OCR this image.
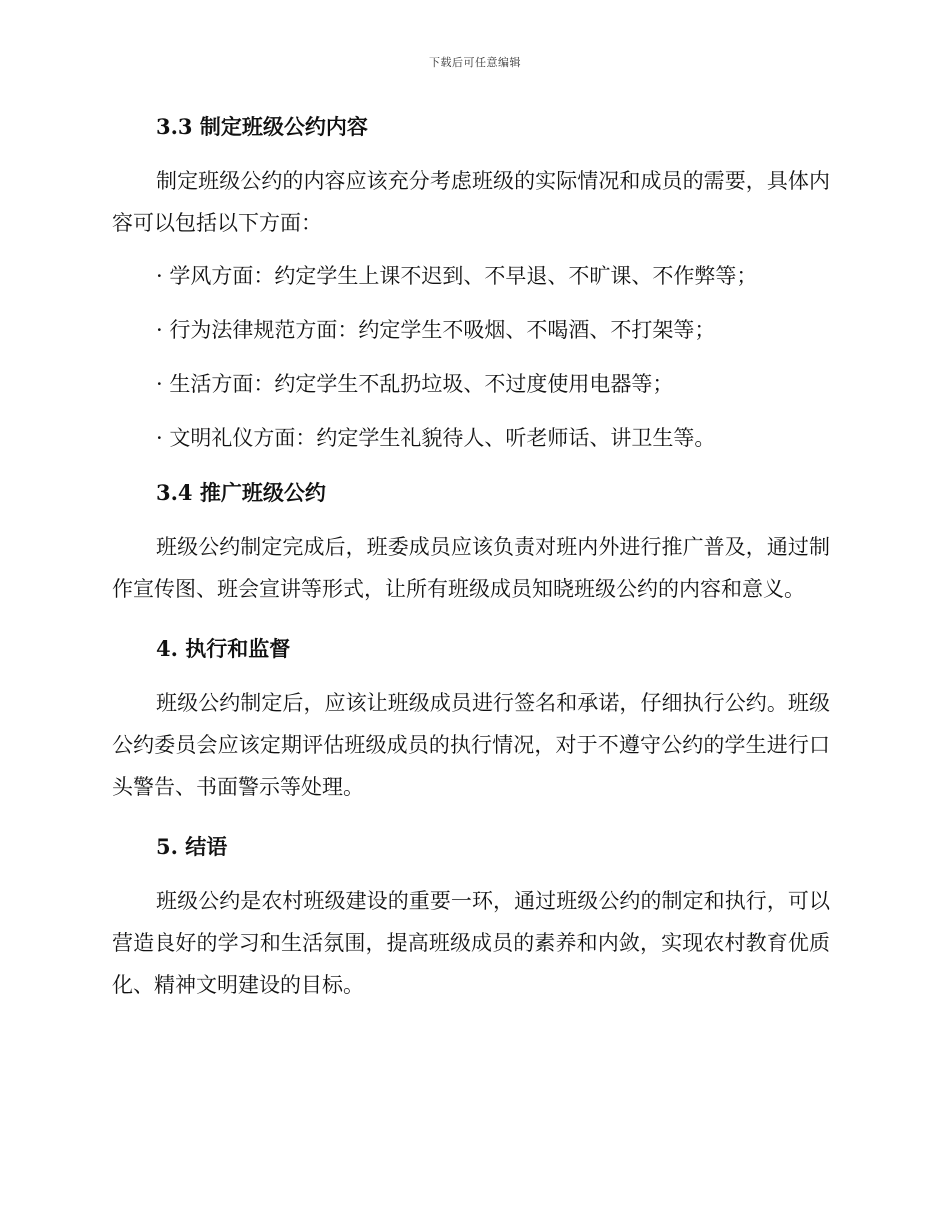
下载后可任意编辑
3.3 制定班级公约内容

制定班级公约的内容应该充分考虑班级的实际情况和成员的需要，具体内容可以包括以下方面：

· 学风方面：约定学生上课不迟到、不早退、不旷课、不作弊等；
· 行为法律规范方面：约定学生不吸烟、不喝酒、不打架等；
· 生活方面：约定学生不乱扔垃圾、不过度使用电器等；
· 文明礼仪方面：约定学生礼貌待人、听老师话、讲卫生等。
3.4 推广班级公约

班级公约制定完成后，班委成员应该负责对班内外进行推广普及，通过制作宣传图、班会宣讲等形式，让所有班级成员知晓班级公约的内容和意义。

4. 执行和监督

班级公约制定后，应该让班级成员进行签名和承诺，仔细执行公约。班级公约委员会应该定期评估班级成员的执行情况，对于不遵守公约的学生进行口头警告、书面警示等处理。

5. 结语

班级公约是农村班级建设的重要一环，通过班级公约的制定和执行，可以营造良好的学习和生活氛围，提高班级成员的素养和内敛，实现农村教育优质化、精神文明建设的目标。
